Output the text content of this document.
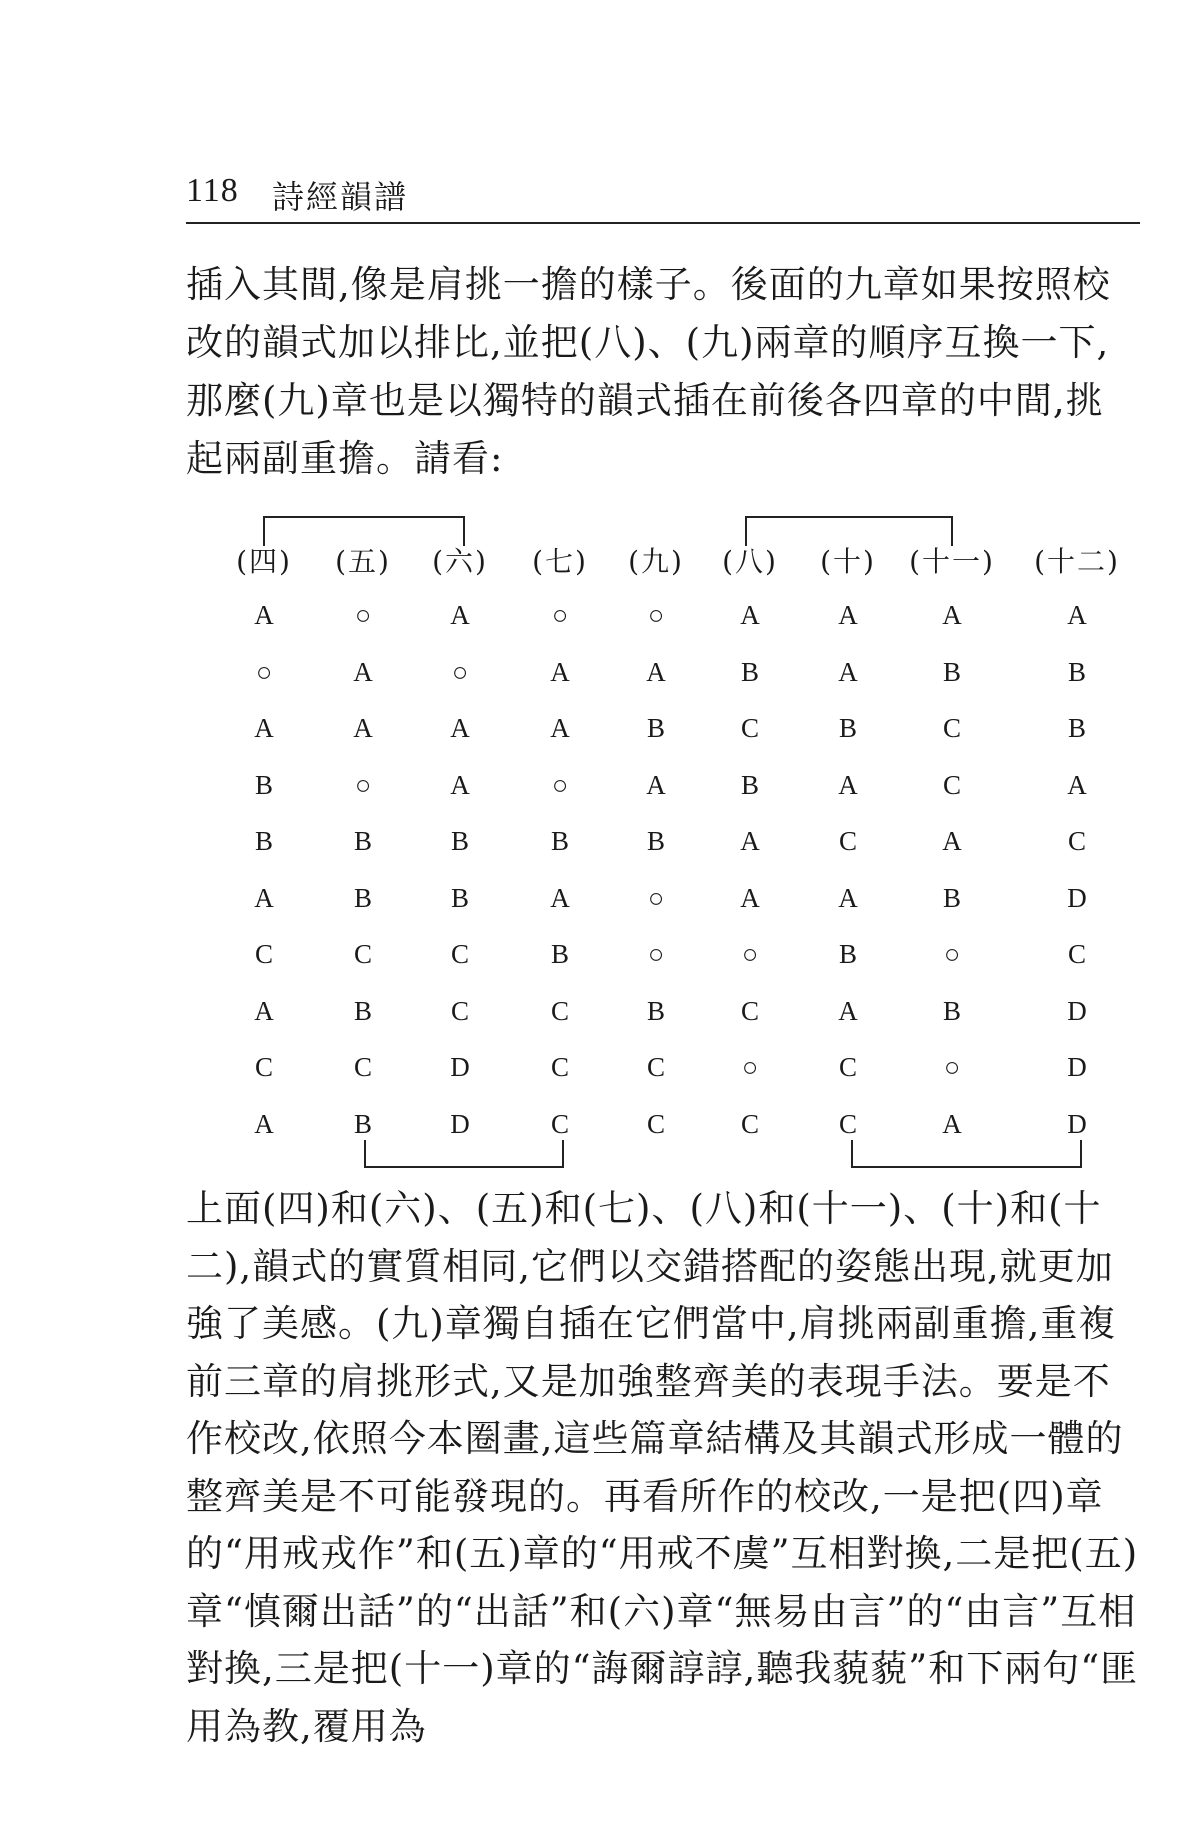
118 詩經韻譜

插入其間,像是肩挑一擔的樣子。後面的九章如果按照校改的韻式加以排比,並把(八)、(九)兩章的順序互換一下,那麼(九)章也是以獨特的韻式插在前後各四章的中間,挑起兩副重擔。請看:

(四)
A
○
A
B
B
A
C
A
C
A
(五)
○
A
A
○
B
B
C
B
C
B
(六)
A
○
A
A
B
B
C
C
D
D
(七)
○
A
A
○
B
A
B
C
C
C
(九)
○
A
B
A
B
○
○
B
C
C
(八)
A
B
C
B
A
A
○
C
○
C
(十)
A
A
B
A
C
A
B
A
C
C
(十一)
A
B
C
C
A
B
○
B
○
A
(十二)
A
B
B
A
C
D
C
D
D
D

上面(四)和(六)、(五)和(七)、(八)和(十一)、(十)和(十二),韻式的實質相同,它們以交錯搭配的姿態出現,就更加強了美感。(九)章獨自插在它們當中,肩挑兩副重擔,重複前三章的肩挑形式,又是加強整齊美的表現手法。要是不作校改,依照今本圈畫,這些篇章結構及其韻式形成一體的整齊美是不可能發現的。再看所作的校改,一是把(四)章的“用戒戎作”和(五)章的“用戒不虞”互相對換,二是把(五)章“慎爾出話”的“出話”和(六)章“無易由言”的“由言”互相對換,三是把(十一)章的“誨爾諄諄,聽我藐藐”和下兩句“匪用為教,覆用為
